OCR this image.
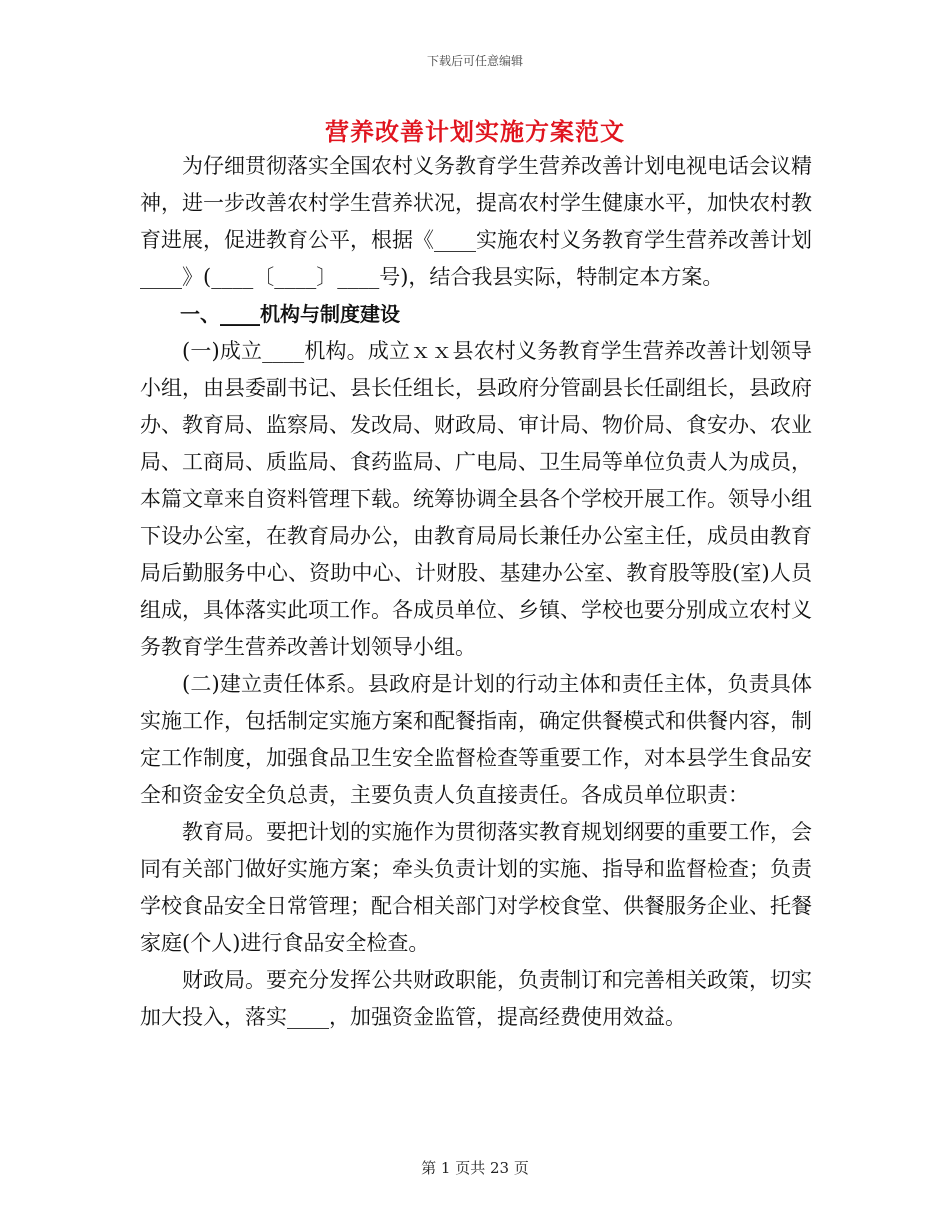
下载后可任意编辑
营养改善计划实施方案范文

为仔细贯彻落实全国农村义务教育学生营养改善计划电视电话会议精神，进一步改善农村学生营养状况，提高农村学生健康水平，加快农村教育进展，促进教育公平，根据《____实施农村义务教育学生营养改善计划____》(____〔____〕____号)，结合我县实际，特制定本方案。

一、____机构与制度建设

(一)成立____机构。成立ｘｘ县农村义务教育学生营养改善计划领导小组，由县委副书记、县长任组长，县政府分管副县长任副组长，县政府办、教育局、监察局、发改局、财政局、审计局、物价局、食安办、农业局、工商局、质监局、食药监局、广电局、卫生局等单位负责人为成员，本篇文章来自资料管理下载。统筹协调全县各个学校开展工作。领导小组下设办公室，在教育局办公，由教育局局长兼任办公室主任，成员由教育局后勤服务中心、资助中心、计财股、基建办公室、教育股等股(室)人员组成，具体落实此项工作。各成员单位、乡镇、学校也要分别成立农村义务教育学生营养改善计划领导小组。

(二)建立责任体系。县政府是计划的行动主体和责任主体，负责具体实施工作，包括制定实施方案和配餐指南，确定供餐模式和供餐内容，制定工作制度，加强食品卫生安全监督检查等重要工作，对本县学生食品安全和资金安全负总责，主要负责人负直接责任。各成员单位职责：

教育局。要把计划的实施作为贯彻落实教育规划纲要的重要工作，会同有关部门做好实施方案；牵头负责计划的实施、指导和监督检查；负责学校食品安全日常管理；配合相关部门对学校食堂、供餐服务企业、托餐家庭(个人)进行食品安全检查。

财政局。要充分发挥公共财政职能，负责制订和完善相关政策，切实加大投入，落实____，加强资金监管，提高经费使用效益。

第 1 页共 23 页
